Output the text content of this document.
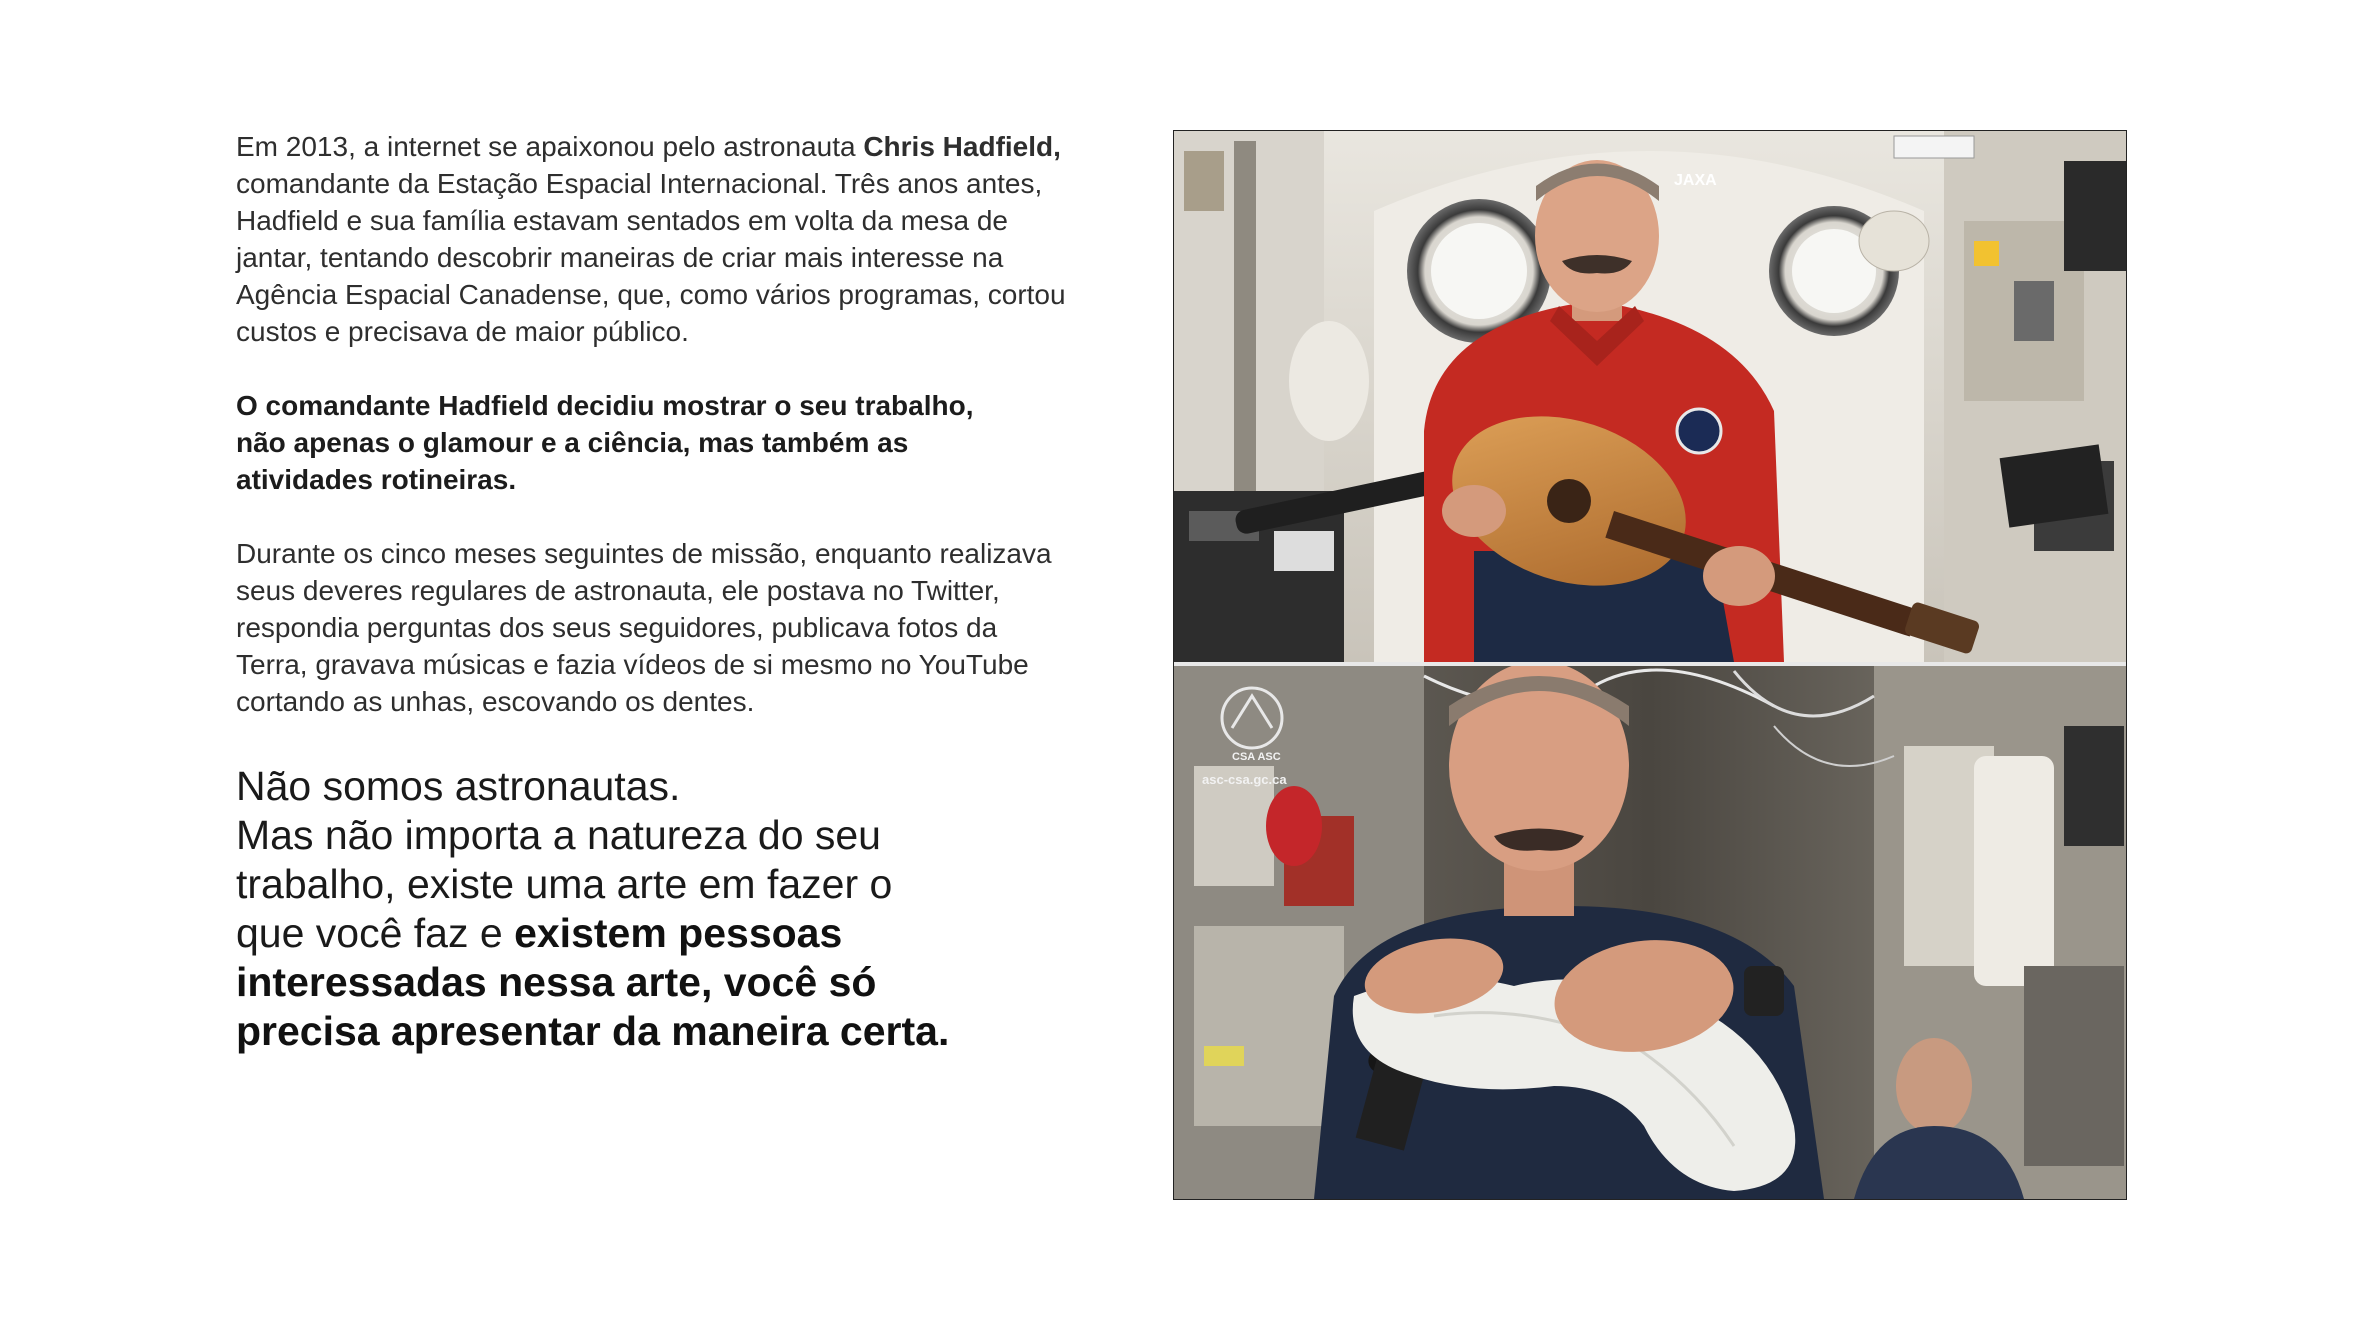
Em 2013, a internet se apaixonou pelo astronauta Chris Hadfield, comandante da Estação Espacial Internacional. Três anos antes, Hadfield e sua família estavam sentados em volta da mesa de jantar, tentando descobrir maneiras de criar mais interesse na Agência Espacial Canadense, que, como vários programas, cortou custos e precisava de maior público.

O comandante Hadfield decidiu mostrar o seu trabalho, não apenas o glamour e a ciência, mas também as atividades rotineiras.

Durante os cinco meses seguintes de missão, enquanto realizava seus deveres regulares de astronauta, ele postava no Twitter, respondia perguntas dos seus seguidores, publicava fotos da Terra, gravava músicas e fazia vídeos de si mesmo no YouTube cortando as unhas, escovando os dentes.

Não somos astronautas.
Mas não importa a natureza do seu trabalho, existe uma arte em fazer o que você faz e existem pessoas interessadas nessa arte, você só precisa apresentar da maneira certa.
JAXA
CSA ASC
asc-csa.gc.ca
